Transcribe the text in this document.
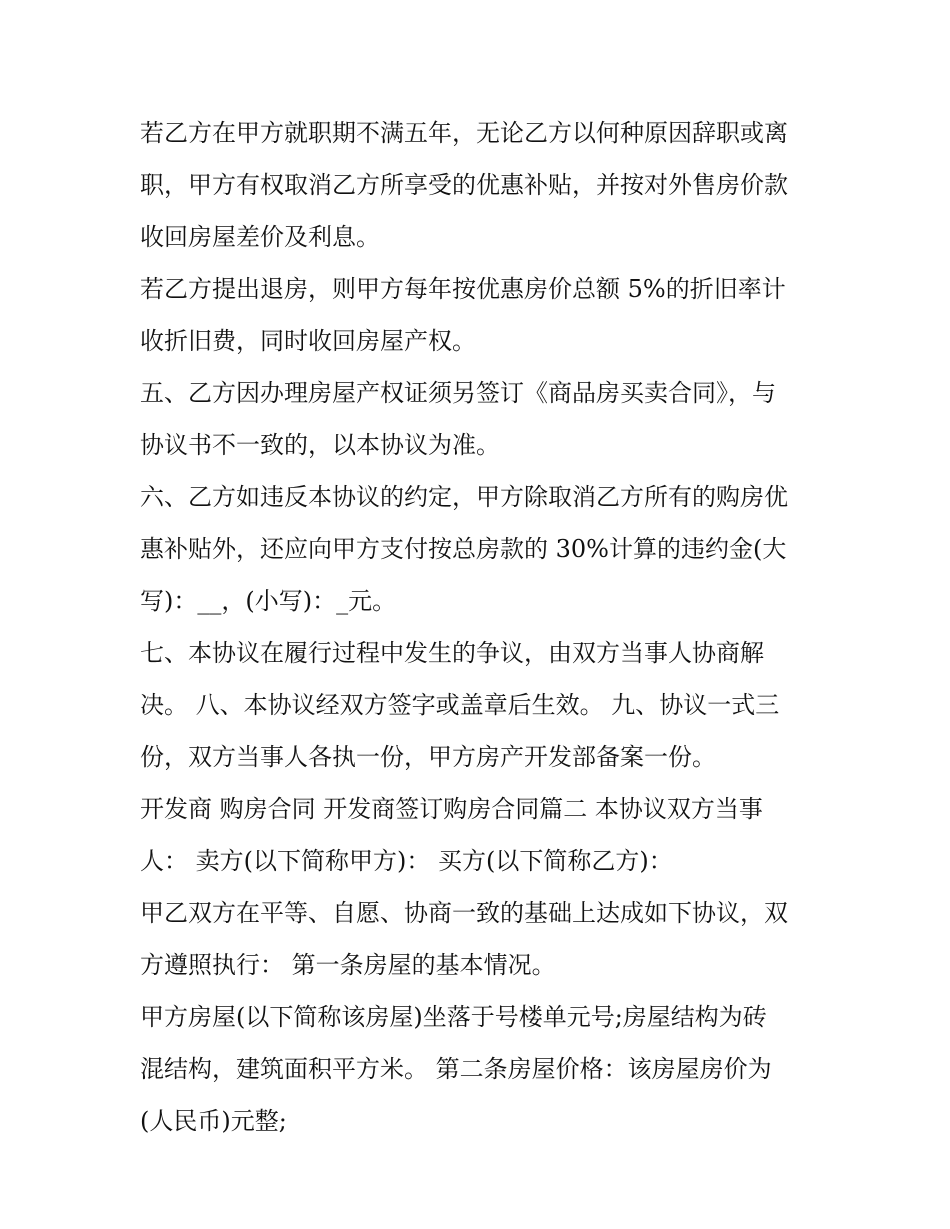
若乙方在甲方就职期不满五年，无论乙方以何种原因辞职或离
职，甲方有权取消乙方所享受的优惠补贴，并按对外售房价款
收回房屋差价及利息。
若乙方提出退房，则甲方每年按优惠房价总额 5%的折旧率计
收折旧费，同时收回房屋产权。
五、乙方因办理房屋产权证须另签订《商品房买卖合同》，与
协议书不一致的，以本协议为准。
六、乙方如违反本协议的约定，甲方除取消乙方所有的购房优
惠补贴外，还应向甲方支付按总房款的 30%计算的违约金(大
写)：__，(小写)：_元。
七、本协议在履行过程中发生的争议，由双方当事人协商解
决。 八、本协议经双方签字或盖章后生效。 九、协议一式三
份，双方当事人各执一份，甲方房产开发部备案一份。
开发商 购房合同 开发商签订购房合同篇二 本协议双方当事
人： 卖方(以下简称甲方)： 买方(以下简称乙方)：
甲乙双方在平等、自愿、协商一致的基础上达成如下协议，双
方遵照执行： 第一条房屋的基本情况。
甲方房屋(以下简称该房屋)坐落于号楼单元号;房屋结构为砖
混结构，建筑面积平方米。 第二条房屋价格：该房屋房价为
(人民币)元整;
